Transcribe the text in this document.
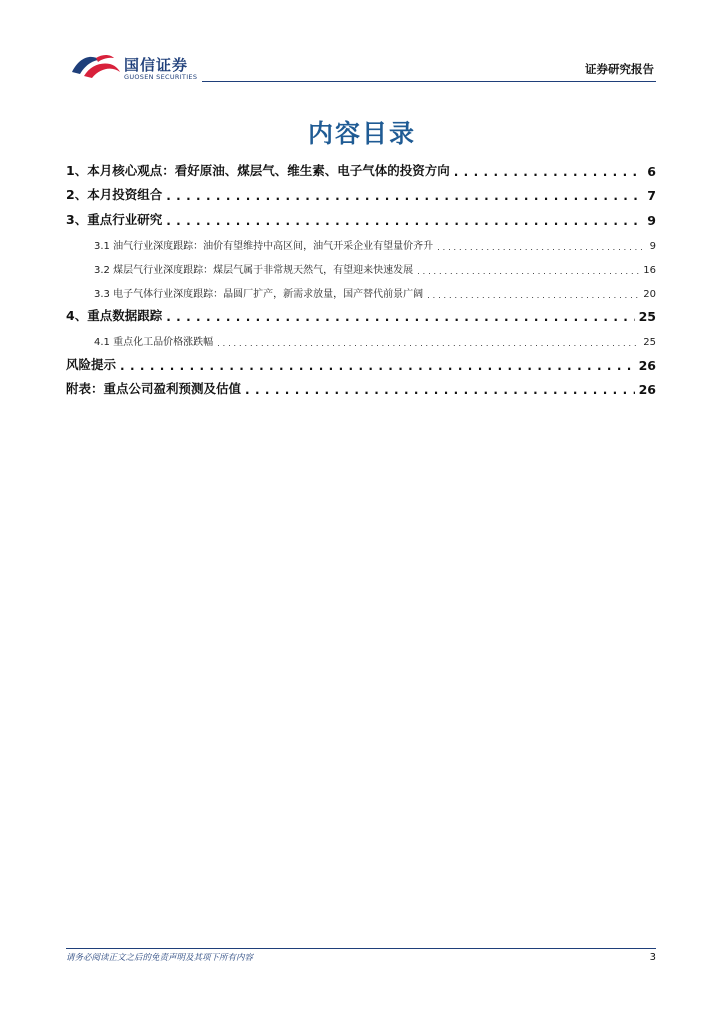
国信证券
GUOSEN SECURITIES
证券研究报告
内容目录
1、本月核心观点：看好原油、煤层气、维生素、电子气体的投资方向 . . .	6
2、本月投资组合 . . .	7
3、重点行业研究 . . .	9
3.1 油气行业深度跟踪：油价有望维持中高区间，油气开采企业有望量价齐升 . . .	9
3.2 煤层气行业深度跟踪：煤层气属于非常规天然气，有望迎来快速发展 . . .	16
3.3 电子气体行业深度跟踪：晶圆厂扩产，新需求放量，国产替代前景广阔 . . .	20
4、重点数据跟踪 . . .	25
4.1 重点化工品价格涨跌幅 . . .	25
风险提示 . . .	26
附表：重点公司盈利预测及估值 . . .	26
请务必阅读正文之后的免责声明及其项下所有内容	3
